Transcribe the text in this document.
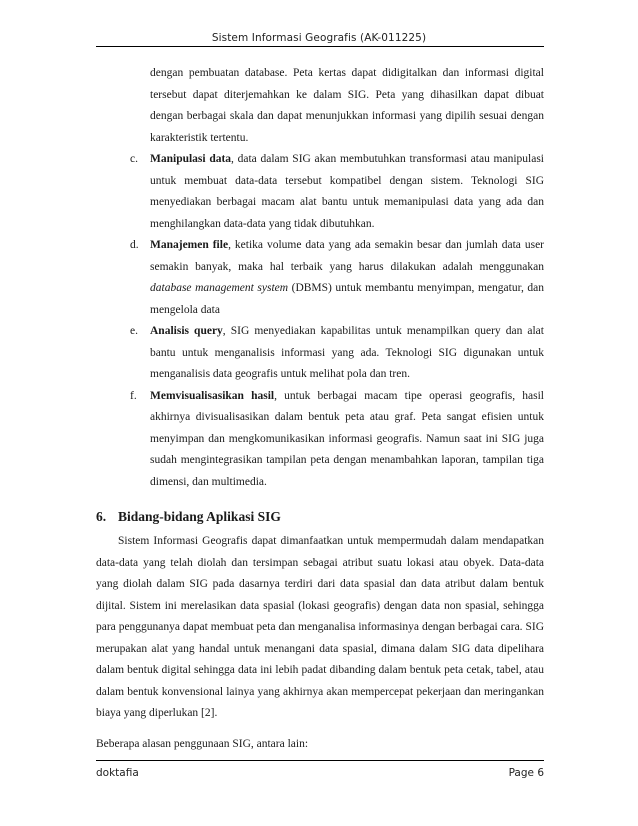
Sistem Informasi Geografis (AK-011225)

dengan pembuatan database. Peta kertas dapat didigitalkan dan informasi digital tersebut dapat diterjemahkan ke dalam SIG. Peta yang dihasilkan dapat dibuat dengan berbagai skala dan dapat menunjukkan informasi yang dipilih sesuai dengan karakteristik tertentu.

c. Manipulasi data, data dalam SIG akan membutuhkan transformasi atau manipulasi untuk membuat data-data tersebut kompatibel dengan sistem. Teknologi SIG menyediakan berbagai macam alat bantu untuk memanipulasi data yang ada dan menghilangkan data-data yang tidak dibutuhkan.

d. Manajemen file, ketika volume data yang ada semakin besar dan jumlah data user semakin banyak, maka hal terbaik yang harus dilakukan adalah menggunakan database management system (DBMS) untuk membantu menyimpan, mengatur, dan mengelola data

e. Analisis query, SIG menyediakan kapabilitas untuk menampilkan query dan alat bantu untuk menganalisis informasi yang ada. Teknologi SIG digunakan untuk menganalisis data geografis untuk melihat pola dan tren.

f. Memvisualisasikan hasil, untuk berbagai macam tipe operasi geografis, hasil akhirnya divisualisasikan dalam bentuk peta atau graf. Peta sangat efisien untuk menyimpan dan mengkomunikasikan informasi geografis. Namun saat ini SIG juga sudah mengintegrasikan tampilan peta dengan menambahkan laporan, tampilan tiga dimensi, dan multimedia.

6. Bidang-bidang Aplikasi SIG

Sistem Informasi Geografis dapat dimanfaatkan untuk mempermudah dalam mendapatkan data-data yang telah diolah dan tersimpan sebagai atribut suatu lokasi atau obyek. Data-data yang diolah dalam SIG pada dasarnya terdiri dari data spasial dan data atribut dalam bentuk dijital. Sistem ini merelasikan data spasial (lokasi geografis) dengan data non spasial, sehingga para penggunanya dapat membuat peta dan menganalisa informasinya dengan berbagai cara. SIG merupakan alat yang handal untuk menangani data spasial, dimana dalam SIG data dipelihara dalam bentuk digital sehingga data ini lebih padat dibanding dalam bentuk peta cetak, tabel, atau dalam bentuk konvensional lainya yang akhirnya akan mempercepat pekerjaan dan meringankan biaya yang diperlukan [2].

Beberapa alasan penggunaan SIG, antara lain:

doktafia	Page 6
